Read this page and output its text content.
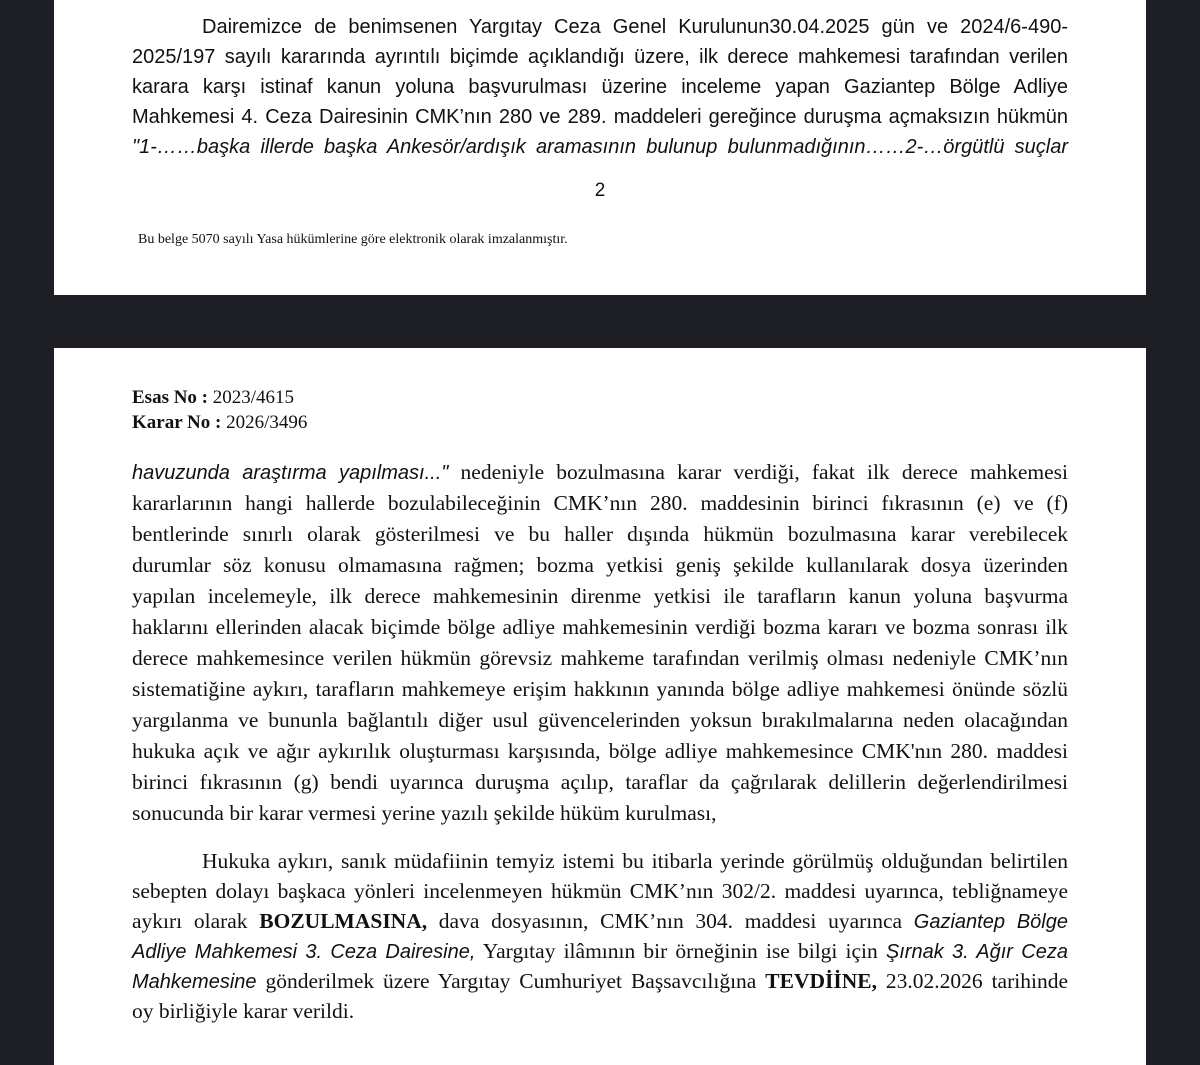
Dairemizce de benimsenen Yargıtay Ceza Genel Kurulunun30.04.2025 gün ve 2024/6-490-
2025/197 sayılı kararında ayrıntılı biçimde açıklandığı üzere, ilk derece mahkemesi tarafından verilen
karara karşı istinaf kanun yoluna başvurulması üzerine inceleme yapan Gaziantep Bölge Adliye
Mahkemesi 4. Ceza Dairesinin CMK’nın 280 ve 289. maddeleri gereğince duruşma açmaksızın hükmün
"1-……başka illerde başka Ankesör/ardışık aramasının bulunup bulunmadığının……2-…örgütlü suçlar
2
Bu belge 5070 sayılı Yasa hükümlerine göre elektronik olarak imzalanmıştır.
Esas No : 2023/4615
Karar No : 2026/3496
havuzunda araştırma yapılması..." nedeniyle bozulmasına karar verdiği, fakat ilk derece mahkemesi
kararlarının hangi hallerde bozulabileceğinin CMK’nın 280. maddesinin birinci fıkrasının (e) ve (f)
bentlerinde sınırlı olarak gösterilmesi ve bu haller dışında hükmün bozulmasına karar verebilecek
durumlar söz konusu olmamasına rağmen; bozma yetkisi geniş şekilde kullanılarak dosya üzerinden
yapılan incelemeyle, ilk derece mahkemesinin direnme yetkisi ile tarafların kanun yoluna başvurma
haklarını ellerinden alacak biçimde bölge adliye mahkemesinin verdiği bozma kararı ve bozma sonrası ilk
derece mahkemesince verilen hükmün görevsiz mahkeme tarafından verilmiş olması nedeniyle CMK’nın
sistematiğine aykırı, tarafların mahkemeye erişim hakkının yanında bölge adliye mahkemesi önünde sözlü
yargılanma ve bununla bağlantılı diğer usul güvencelerinden yoksun bırakılmalarına neden olacağından
hukuka açık ve ağır aykırılık oluşturması karşısında, bölge adliye mahkemesince CMK'nın 280. maddesi
birinci fıkrasının (g) bendi uyarınca duruşma açılıp, taraflar da çağrılarak delillerin değerlendirilmesi
sonucunda bir karar vermesi yerine yazılı şekilde hüküm kurulması,
Hukuka aykırı, sanık müdafiinin temyiz istemi bu itibarla yerinde görülmüş olduğundan belirtilen
sebepten dolayı başkaca yönleri incelenmeyen hükmün CMK’nın 302/2. maddesi uyarınca, tebliğnameye
aykırı olarak BOZULMASINA, dava dosyasının, CMK’nın 304. maddesi uyarınca Gaziantep Bölge
Adliye Mahkemesi 3. Ceza Dairesine, Yargıtay ilâmının bir örneğinin ise bilgi için Şırnak 3. Ağır Ceza
Mahkemesine gönderilmek üzere Yargıtay Cumhuriyet Başsavcılığına TEVDİİNE, 23.02.2026 tarihinde
oy birliğiyle karar verildi.
